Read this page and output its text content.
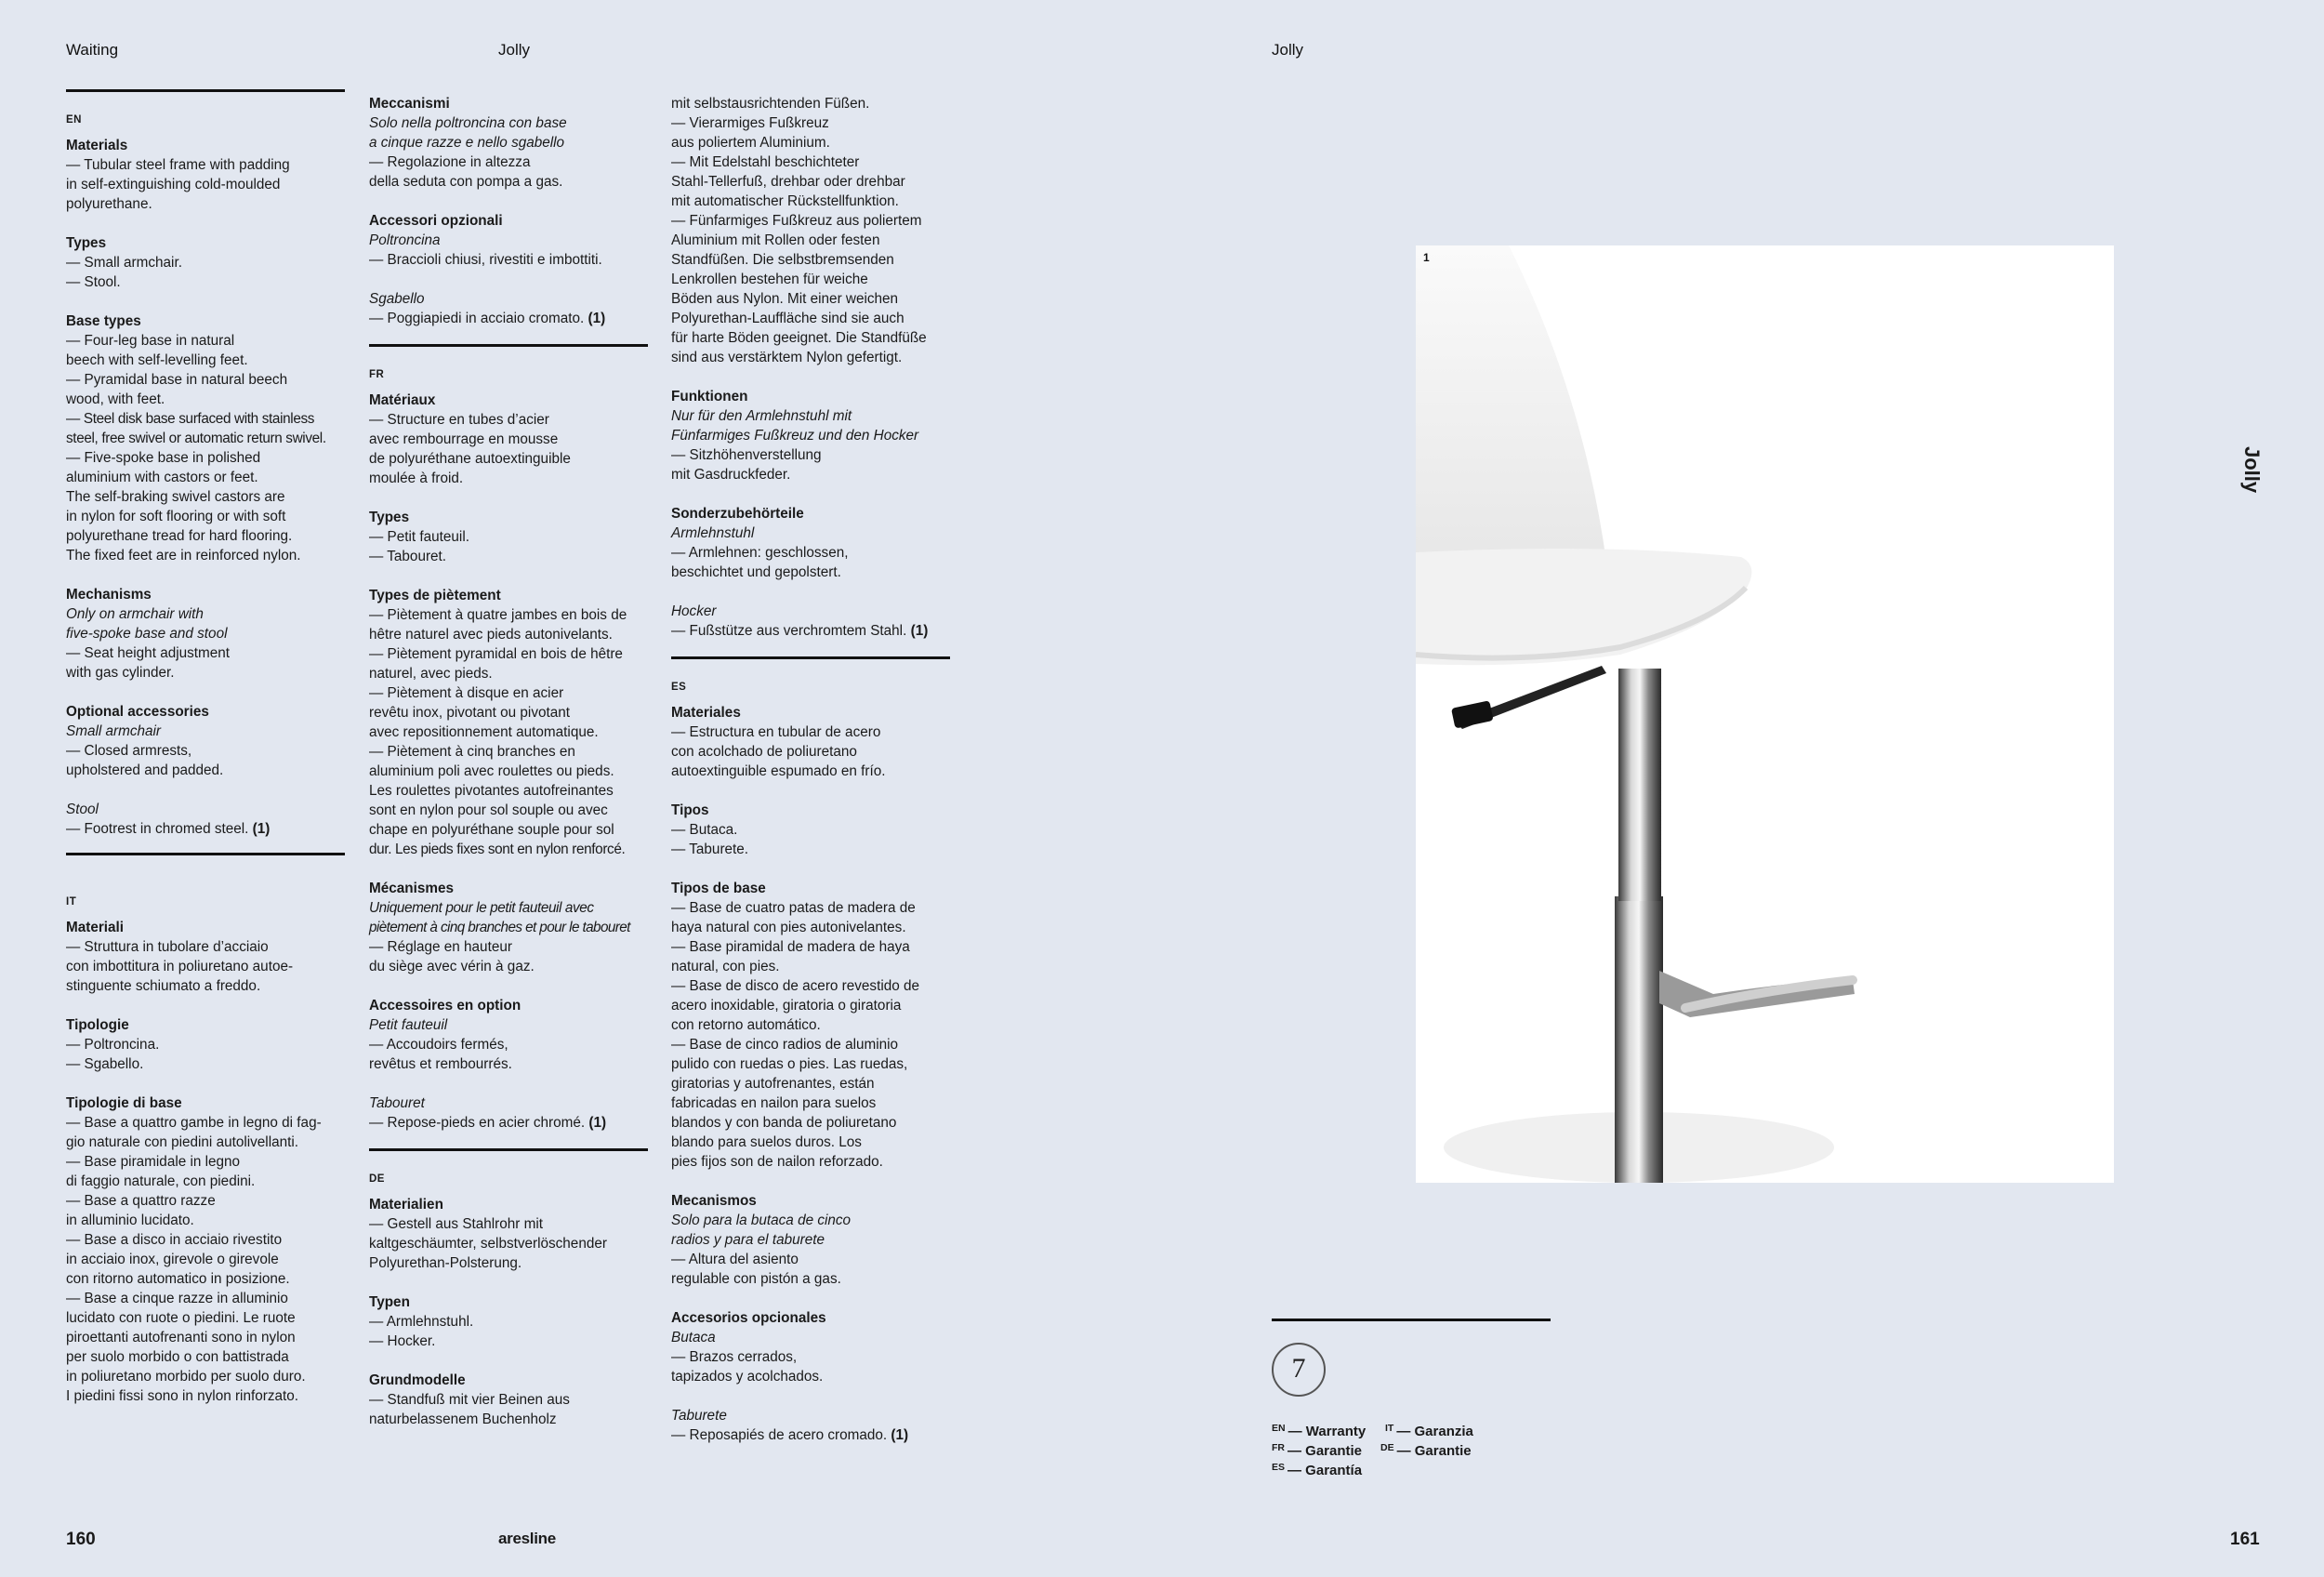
Waiting	Jolly	Jolly
EN
Materials

— Tubular steel frame with padding

in self-extinguishing cold-moulded

polyurethane.

Types

— Small armchair.

— Stool.

Base types

— Four-leg base in natural

beech with self-levelling feet.

— Pyramidal base in natural beech

wood, with feet.

— Steel disk base surfaced with stainless

steel, free swivel or automatic return swivel.

— Five-spoke base in polished

aluminium with castors or feet.

The self-braking swivel castors are

in nylon for soft flooring or with soft

polyurethane tread for hard flooring.

The fixed feet are in reinforced nylon.

Mechanisms

Only on armchair with

five-spoke base and stool

— Seat height adjustment

with gas cylinder.

Optional accessories

Small armchair

— Closed armrests,

upholstered and padded.

Stool

— Footrest in chromed steel. (1)

IT
Materiali

— Struttura in tubolare d’acciaio

con imbottitura in poliuretano autoe-

stinguente schiumato a freddo.

Tipologie

— Poltroncina.

— Sgabello.

Tipologie di base

— Base a quattro gambe in legno di fag-

gio naturale con piedini autolivellanti.

— Base piramidale in legno

di faggio naturale, con piedini.

— Base a quattro razze

in alluminio lucidato.

— Base a disco in acciaio rivestito

in acciaio inox, girevole o girevole

con ritorno automatico in posizione.

— Base a cinque razze in alluminio

lucidato con ruote o piedini. Le ruote

piroettanti autofrenanti sono in nylon

per suolo morbido o con battistrada

in poliuretano morbido per suolo duro.

I piedini fissi sono in nylon rinforzato.

Meccanismi

Solo nella poltroncina con base

a cinque razze e nello sgabello

— Regolazione in altezza

della seduta con pompa a gas.

Accessori opzionali

Poltroncina

— Braccioli chiusi, rivestiti e imbottiti.

Sgabello

— Poggiapiedi in acciaio cromato. (1)

FR
Matériaux

— Structure en tubes d’acier

avec rembourrage en mousse

de polyuréthane autoextinguible

moulée à froid.

Types

— Petit fauteuil.

— Tabouret.

Types de piètement

— Piètement à quatre jambes en bois de

hêtre naturel avec pieds autonivelants.

— Piètement pyramidal en bois de hêtre

naturel, avec pieds.

— Piètement à disque en acier

revêtu inox, pivotant ou pivotant

avec repositionnement automatique.

— Piètement à cinq branches en

aluminium poli avec roulettes ou pieds.

Les roulettes pivotantes autofreinantes

sont en nylon pour sol souple ou avec

chape en polyuréthane souple pour sol

dur. Les pieds fixes sont en nylon renforcé.

Mécanismes

Uniquement pour le petit fauteuil avec

piètement à cinq branches et pour le tabouret

— Réglage en hauteur

du siège avec vérin à gaz.

Accessoires en option

Petit fauteuil

— Accoudoirs fermés,

revêtus et rembourrés.

Tabouret

— Repose-pieds en acier chromé. (1)

DE
Materialien

— Gestell aus Stahlrohr mit

kaltgeschäumter, selbstverlöschender

Polyurethan-Polsterung.

Typen

— Armlehnstuhl.

— Hocker.

Grundmodelle

— Standfuß mit vier Beinen aus

naturbelassenem Buchenholz

mit selbstausrichtenden Füßen.

— Vierarmiges Fußkreuz

aus poliertem Aluminium.

— Mit Edelstahl beschichteter

Stahl-Tellerfuß, drehbar oder drehbar

mit automatischer Rückstellfunktion.

— Fünfarmiges Fußkreuz aus poliertem

Aluminium mit Rollen oder festen

Standfüßen. Die selbstbremsenden

Lenkrollen bestehen für weiche

Böden aus Nylon. Mit einer weichen

Polyurethan-Lauffläche sind sie auch

für harte Böden geeignet. Die Standfüße

sind aus verstärktem Nylon gefertigt.

Funktionen

Nur für den Armlehnstuhl mit

Fünfarmiges Fußkreuz und den Hocker

— Sitzhöhenverstellung

mit Gasdruckfeder.

Sonderzubehörteile

Armlehnstuhl

— Armlehnen: geschlossen,

beschichtet und gepolstert.

Hocker

— Fußstütze aus verchromtem Stahl. (1)

ES
Materiales

— Estructura en tubular de acero

con acolchado de poliuretano

autoextinguible espumado en frío.

Tipos

— Butaca.

— Taburete.

Tipos de base

— Base de cuatro patas de madera de

haya natural con pies autonivelantes.

— Base piramidal de madera de haya

natural, con pies.

— Base de disco de acero revestido de

acero inoxidable, giratoria o giratoria

con retorno automático.

— Base de cinco radios de aluminio

pulido con ruedas o pies. Las ruedas,

giratorias y autofrenantes, están

fabricadas en nailon para suelos

blandos y con banda de poliuretano

blando para suelos duros. Los

pies fijos son de nailon reforzado.

Mecanismos

Solo para la butaca de cinco

radios y para el taburete

— Altura del asiento

regulable con pistón a gas.

Accesorios opcionales

Butaca

— Brazos cerrados,

tapizados y acolchados.

Taburete

— Reposapiés de acero cromado. (1)

1
7
$^{EN}$ — Warranty
$^{FR}$ — Garantie
$^{ES}$ — Garantía
$^{IT}$ — Garanzia
$^{DE}$ — Garantie
Jolly
160	aresline	161
